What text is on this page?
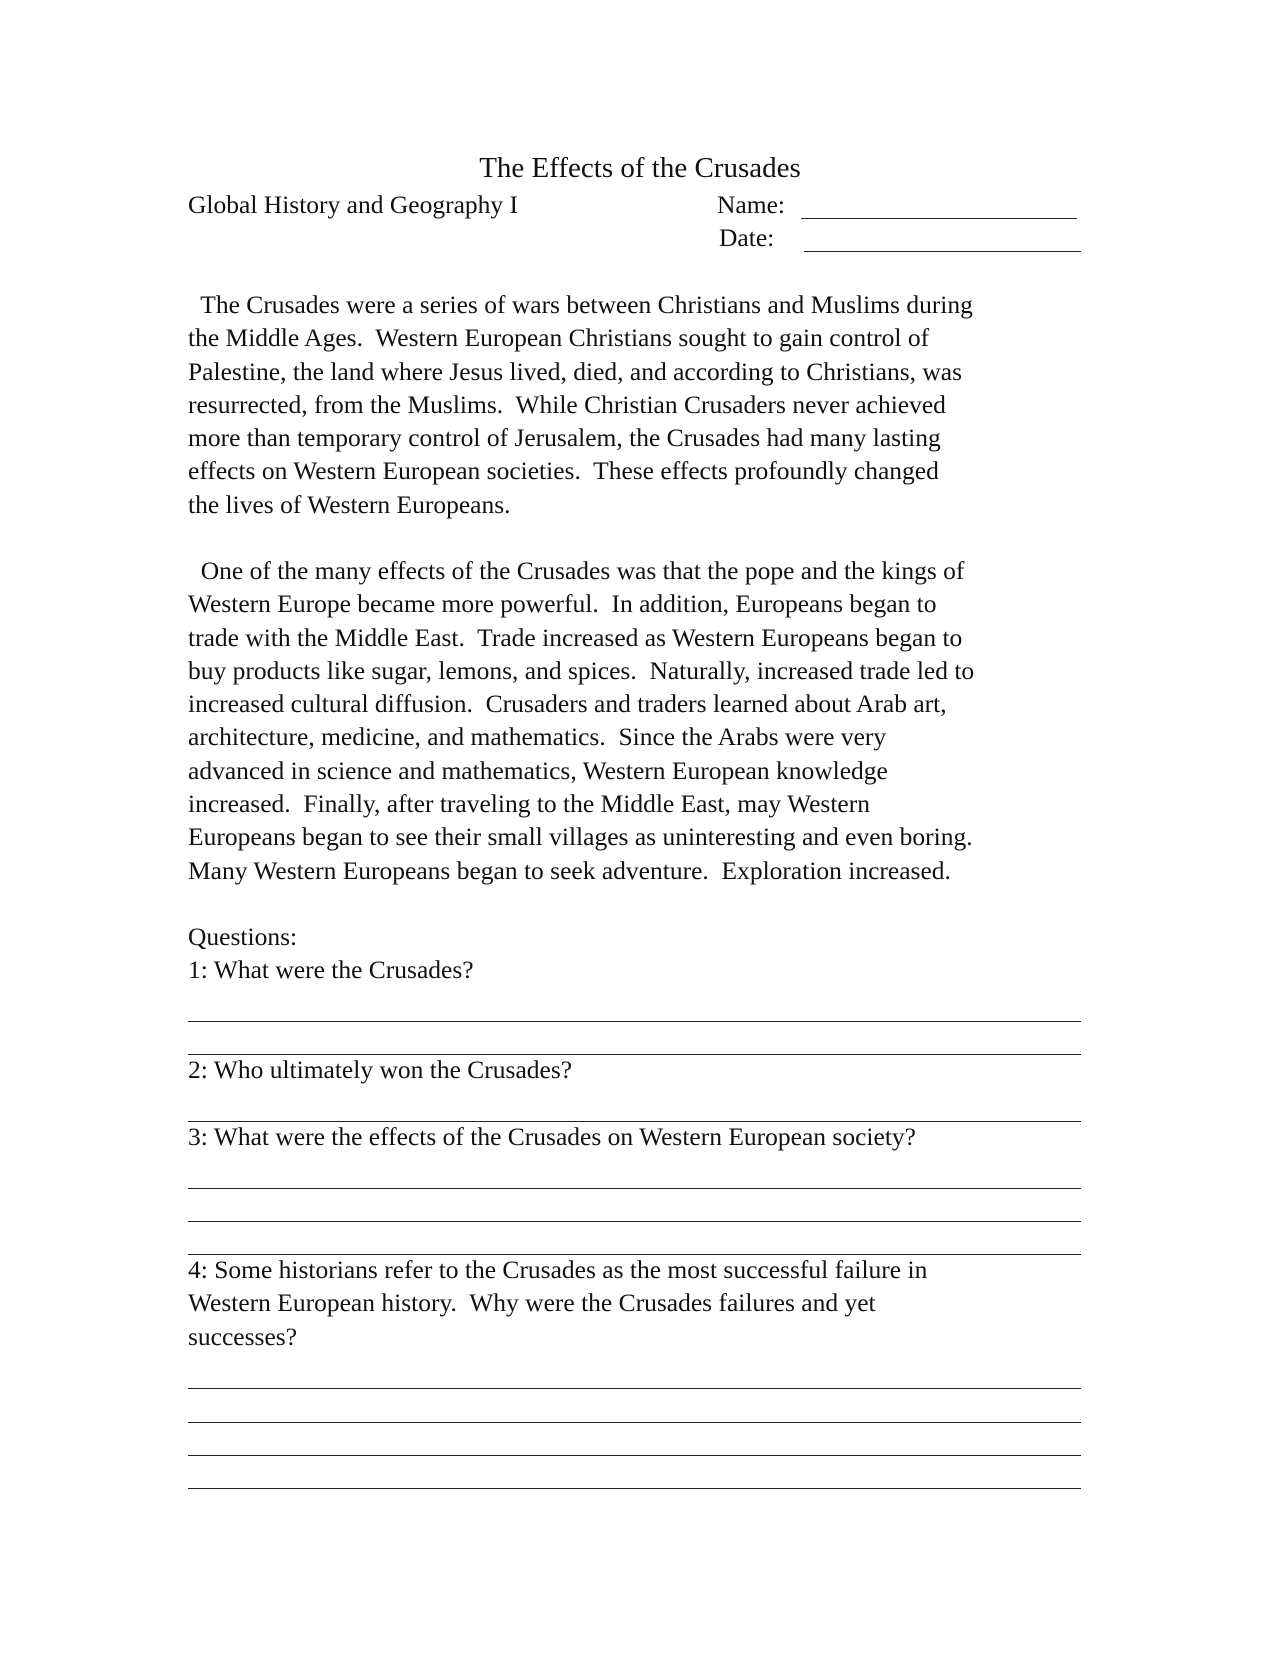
The Effects of the Crusades
Global History and Geography I	Name:
Date:
The Crusades were a series of wars between Christians and Muslims during
the Middle Ages.  Western European Christians sought to gain control of
Palestine, the land where Jesus lived, died, and according to Christians, was
resurrected, from the Muslims.  While Christian Crusaders never achieved
more than temporary control of Jerusalem, the Crusades had many lasting
effects on Western European societies.  These effects profoundly changed
the lives of Western Europeans.
One of the many effects of the Crusades was that the pope and the kings of
Western Europe became more powerful.  In addition, Europeans began to
trade with the Middle East.  Trade increased as Western Europeans began to
buy products like sugar, lemons, and spices.  Naturally, increased trade led to
increased cultural diffusion.  Crusaders and traders learned about Arab art,
architecture, medicine, and mathematics.  Since the Arabs were very
advanced in science and mathematics, Western European knowledge
increased.  Finally, after traveling to the Middle East, may Western
Europeans began to see their small villages as uninteresting and even boring.
Many Western Europeans began to seek adventure.  Exploration increased.
Questions:
1: What were the Crusades?
2: Who ultimately won the Crusades?
3: What were the effects of the Crusades on Western European society?
4: Some historians refer to the Crusades as the most successful failure in
Western European history.  Why were the Crusades failures and yet
successes?
